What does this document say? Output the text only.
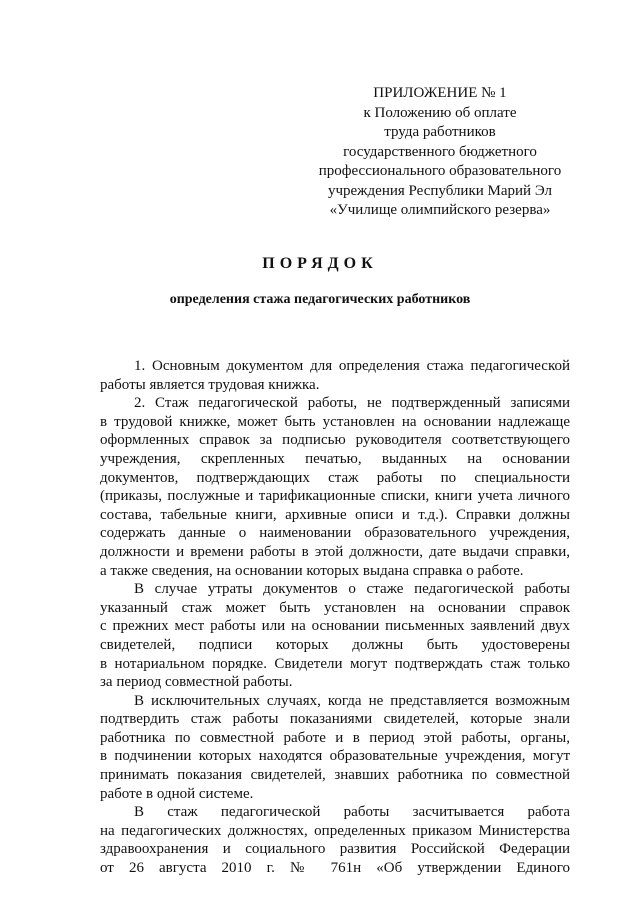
ПРИЛОЖЕНИЕ № 1
к Положению об оплате
труда работников
государственного бюджетного
профессионального образовательного
учреждения Республики Марий Эл
«Училище олимпийского резерва»
ПОРЯДОК
определения стажа педагогических работников
1. Основным документом для определения стажа педагогической
работы является трудовая книжка.
2. Стаж педагогической работы, не подтвержденный записями
в трудовой книжке, может быть установлен на основании надлежаще
оформленных справок за подписью руководителя соответствующего
учреждения, скрепленных печатью, выданных на основании
документов, подтверждающих стаж работы по специальности
(приказы, послужные и тарификационные списки, книги учета личного
состава, табельные книги, архивные описи и т.д.). Справки должны
содержать данные о наименовании образовательного учреждения,
должности и времени работы в этой должности, дате выдачи справки,
а также сведения, на основании которых выдана справка о работе.
В случае утраты документов о стаже педагогической работы
указанный стаж может быть установлен на основании справок
с прежних мест работы или на основании письменных заявлений двух
свидетелей, подписи которых должны быть удостоверены
в нотариальном порядке. Свидетели могут подтверждать стаж только
за период совместной работы.
В исключительных случаях, когда не представляется возможным
подтвердить стаж работы показаниями свидетелей, которые знали
работника по совместной работе и в период этой работы, органы,
в подчинении которых находятся образовательные учреждения, могут
принимать показания свидетелей, знавших работника по совместной
работе в одной системе.
В стаж педагогической работы засчитывается работа
на педагогических должностях, определенных приказом Министерства
здравоохранения и социального развития Российской Федерации
от 26 августа 2010 г. № 761н «Об утверждении Единого
